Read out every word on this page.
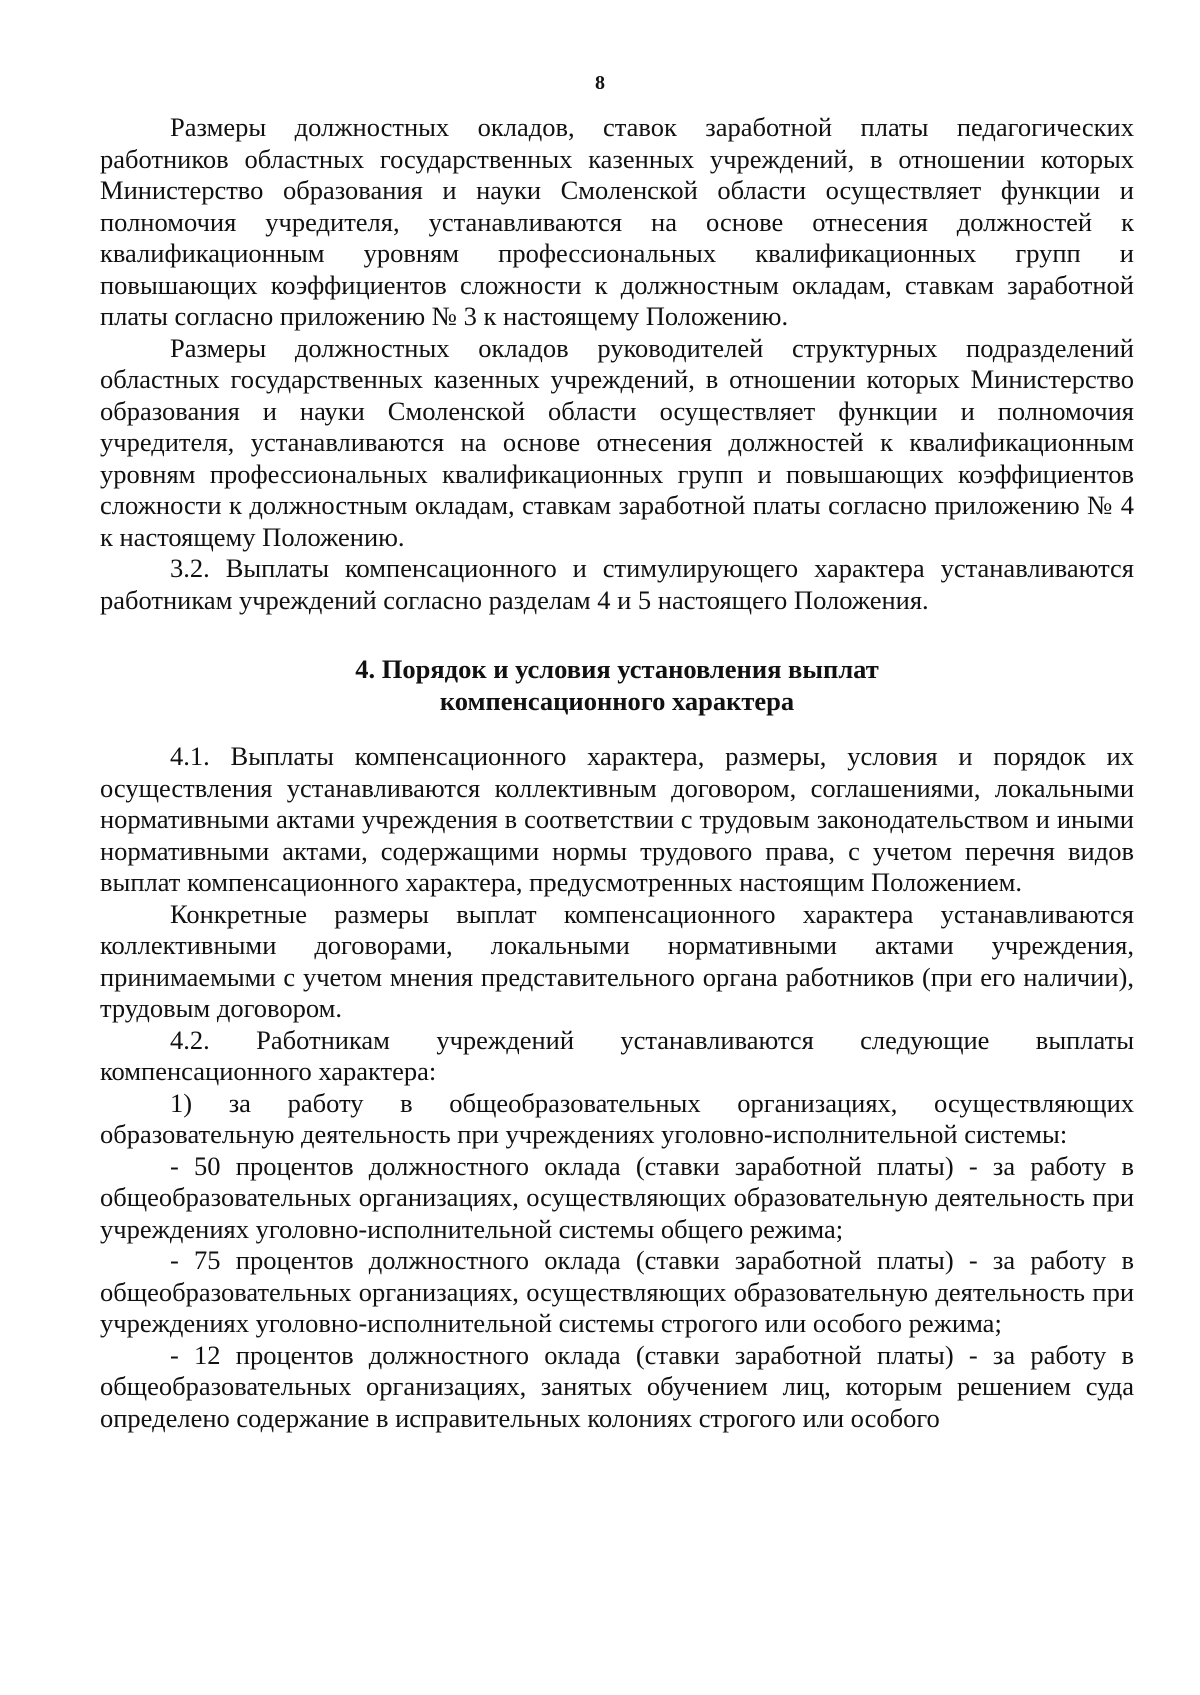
8

Размеры должностных окладов, ставок заработной платы педагогических работников областных государственных казенных учреждений, в отношении которых Министерство образования и науки Смоленской области осуществляет функции и полномочия учредителя, устанавливаются на основе отнесения должностей к квалификационным уровням профессиональных квалификационных групп и повышающих коэффициентов сложности к должностным окладам, ставкам заработной платы согласно приложению № 3 к настоящему Положению.

Размеры должностных окладов руководителей структурных подразделений областных государственных казенных учреждений, в отношении которых Министерство образования и науки Смоленской области осуществляет функции и полномочия учредителя, устанавливаются на основе отнесения должностей к квалификационным уровням профессиональных квалификационных групп и повышающих коэффициентов сложности к должностным окладам, ставкам заработной платы согласно приложению № 4 к настоящему Положению.

3.2. Выплаты компенсационного и стимулирующего характера устанавливаются работникам учреждений согласно разделам 4 и 5 настоящего Положения.

4. Порядок и условия установления выплат
компенсационного характера

4.1. Выплаты компенсационного характера, размеры, условия и порядок их осуществления устанавливаются коллективным договором, соглашениями, локальными нормативными актами учреждения в соответствии с трудовым законодательством и иными нормативными актами, содержащими нормы трудового права, с учетом перечня видов выплат компенсационного характера, предусмотренных настоящим Положением.

Конкретные размеры выплат компенсационного характера устанавливаются коллективными договорами, локальными нормативными актами учреждения, принимаемыми с учетом мнения представительного органа работников (при его наличии), трудовым договором.

4.2. Работникам учреждений устанавливаются следующие выплаты компенсационного характера:

1) за работу в общеобразовательных организациях, осуществляющих образовательную деятельность при учреждениях уголовно-исполнительной системы:

- 50 процентов должностного оклада (ставки заработной платы) - за работу в общеобразовательных организациях, осуществляющих образовательную деятельность при учреждениях уголовно-исполнительной системы общего режима;

- 75 процентов должностного оклада (ставки заработной платы) - за работу в общеобразовательных организациях, осуществляющих образовательную деятельность при учреждениях уголовно-исполнительной системы строгого или особого режима;

- 12 процентов должностного оклада (ставки заработной платы) - за работу в общеобразовательных организациях, занятых обучением лиц, которым решением суда определено содержание в исправительных колониях строгого или особого
